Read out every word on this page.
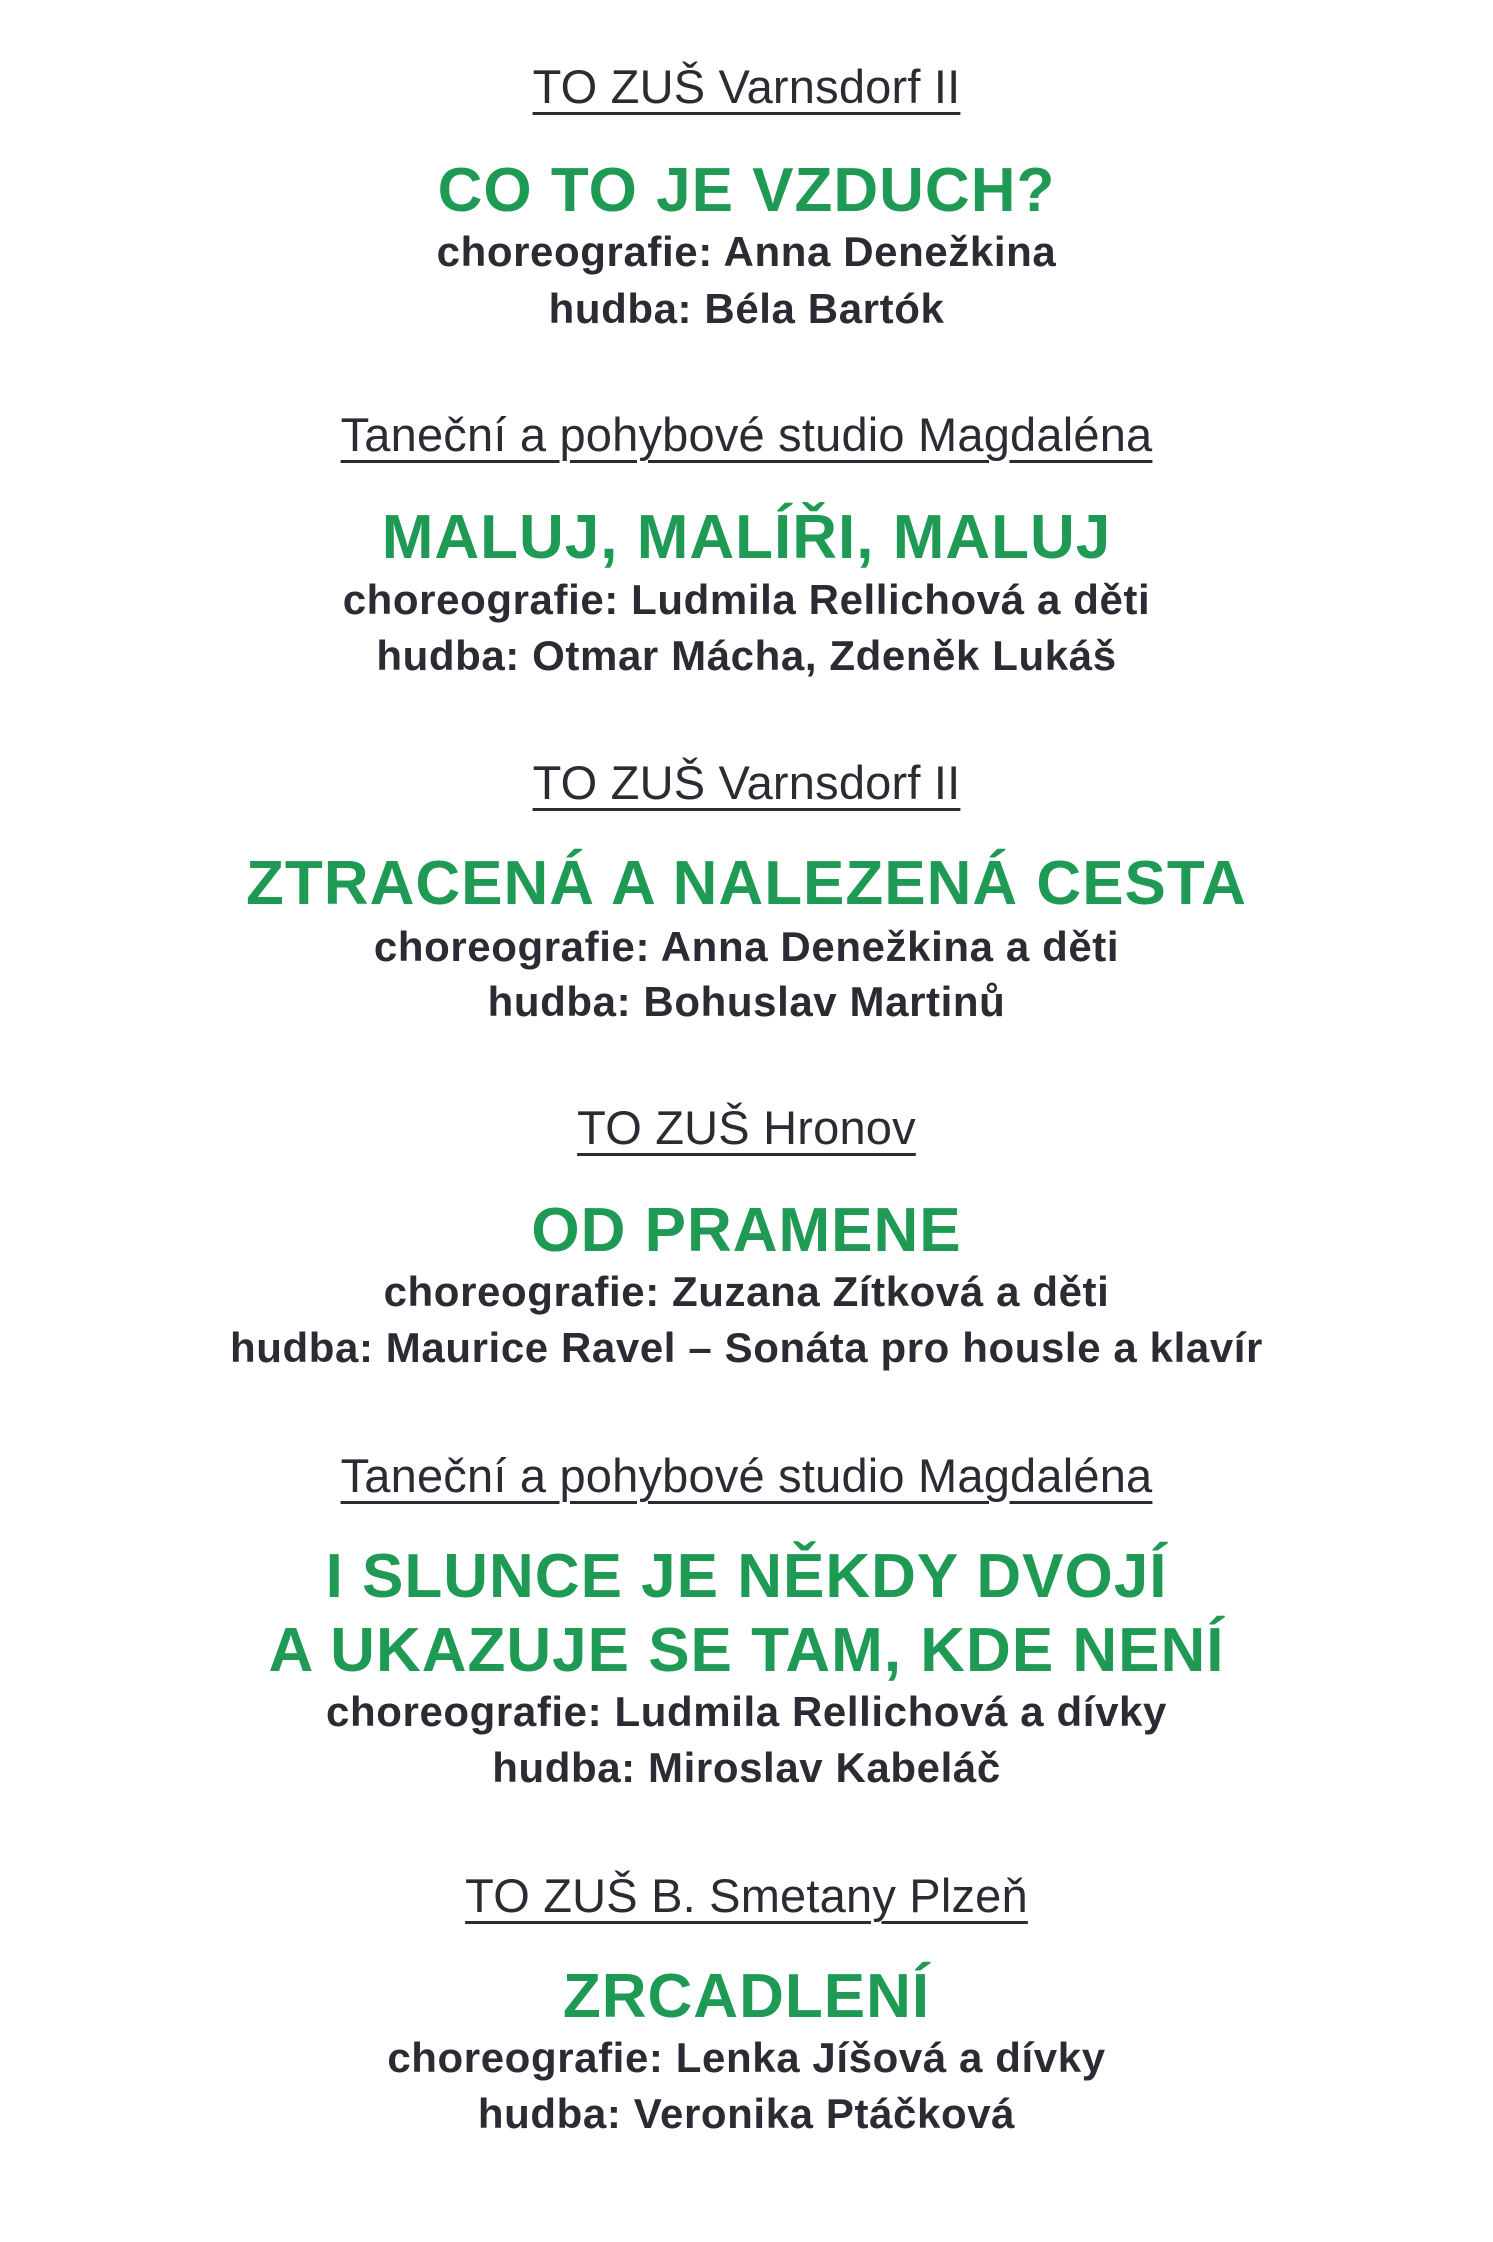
TO ZUŠ Varnsdorf II
CO TO JE VZDUCH?
choreografie: Anna Denežkina
hudba: Béla Bartók
Taneční a pohybové studio Magdaléna
MALUJ, MALÍŘI, MALUJ
choreografie: Ludmila Rellichová a děti
hudba: Otmar Mácha, Zdeněk Lukáš
TO ZUŠ Varnsdorf II
ZTRACENÁ A NALEZENÁ CESTA
choreografie: Anna Denežkina a děti
hudba: Bohuslav Martinů
TO ZUŠ Hronov
OD PRAMENE
choreografie: Zuzana Zítková a děti
hudba: Maurice Ravel – Sonáta pro housle a klavír
Taneční a pohybové studio Magdaléna
I SLUNCE JE NĚKDY DVOJÍ
A UKAZUJE SE TAM, KDE NENÍ
choreografie: Ludmila Rellichová a dívky
hudba: Miroslav Kabeláč
TO ZUŠ B. Smetany Plzeň
ZRCADLENÍ
choreografie: Lenka Jíšová a dívky
hudba: Veronika Ptáčková
